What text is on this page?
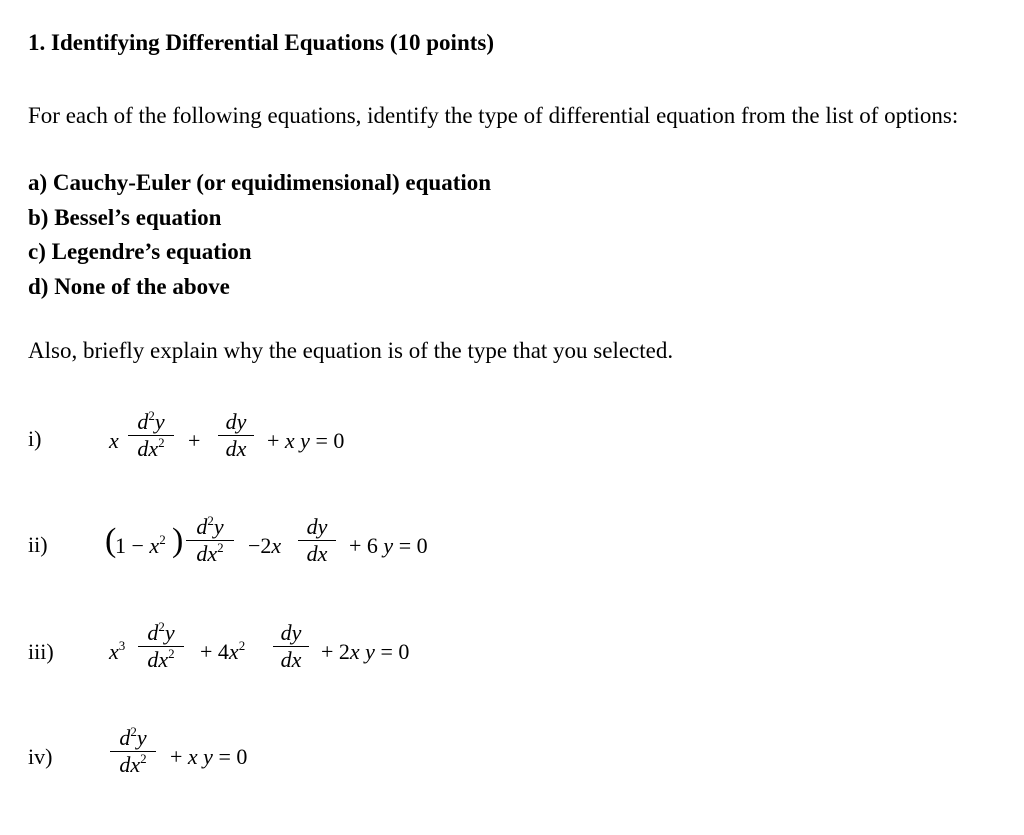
1. Identifying Differential Equations (10 points)
For each of the following equations, identify the type of differential equation from the list of options:
a) Cauchy-Euler (or equidimensional) equation
b) Bessel’s equation
c) Legendre’s equation
d) None of the above
Also, briefly explain why the equation is of the type that you selected.
i)	x
$d^2y$
$dx^2$	+
dy
dx + x y = 0
ii) (
$1 - x^2$ ) $d^2y$
$dx^2$	−2x
dy
dx + 6 y = 0
iii)	$x^3$
$d^2y$
$dx^2$	+ $4x^2$
dy
dx + 2x y = 0
iv)
$d^2y$
$dx^2$	+ x y = 0
